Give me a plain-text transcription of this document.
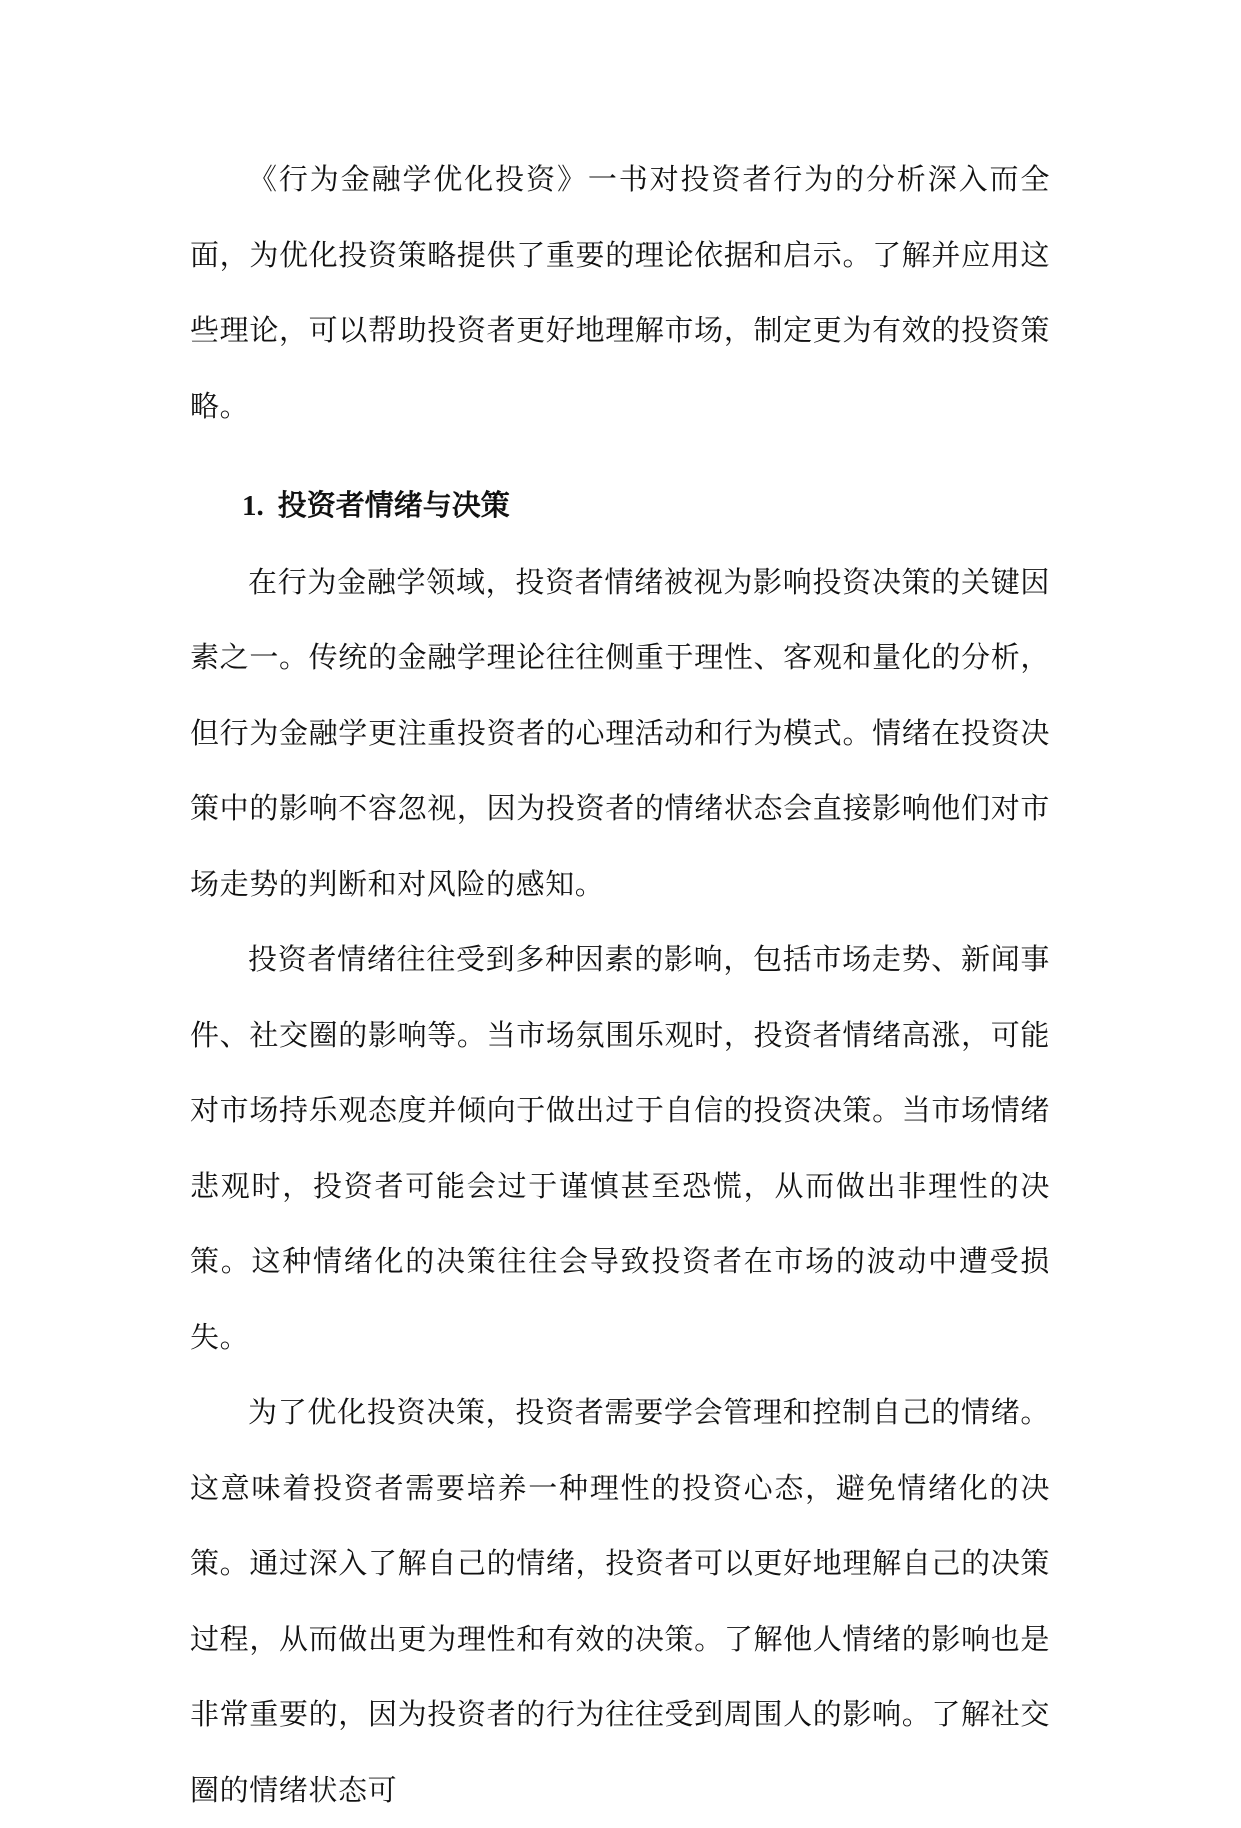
《行为金融学优化投资》一书对投资者行为的分析深入而全面，为优化投资策略提供了重要的理论依据和启示。了解并应用这些理论，可以帮助投资者更好地理解市场，制定更为有效的投资策略。

1. 投资者情绪与决策

在行为金融学领域，投资者情绪被视为影响投资决策的关键因素之一。传统的金融学理论往往侧重于理性、客观和量化的分析，但行为金融学更注重投资者的心理活动和行为模式。情绪在投资决策中的影响不容忽视，因为投资者的情绪状态会直接影响他们对市场走势的判断和对风险的感知。

投资者情绪往往受到多种因素的影响，包括市场走势、新闻事件、社交圈的影响等。当市场氛围乐观时，投资者情绪高涨，可能对市场持乐观态度并倾向于做出过于自信的投资决策。当市场情绪悲观时，投资者可能会过于谨慎甚至恐慌，从而做出非理性的决策。这种情绪化的决策往往会导致投资者在市场的波动中遭受损失。

为了优化投资决策，投资者需要学会管理和控制自己的情绪。这意味着投资者需要培养一种理性的投资心态，避免情绪化的决策。通过深入了解自己的情绪，投资者可以更好地理解自己的决策过程，从而做出更为理性和有效的决策。了解他人情绪的影响也是非常重要的，因为投资者的行为往往受到周围人的影响。了解社交圈的情绪状态可
